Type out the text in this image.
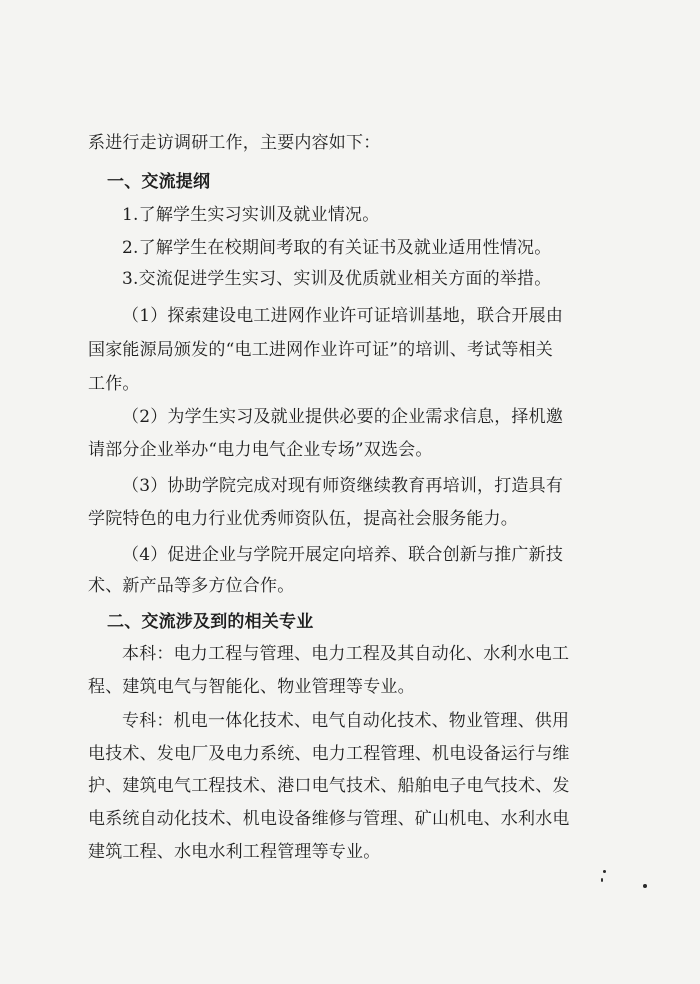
系进行走访调研工作，主要内容如下：
一、交流提纲
1.了解学生实习实训及就业情况。
2.了解学生在校期间考取的有关证书及就业适用性情况。
3.交流促进学生实习、实训及优质就业相关方面的举措。
（1）探索建设电工进网作业许可证培训基地，联合开展由
国家能源局颁发的“电工进网作业许可证”的培训、考试等相关
工作。
（2）为学生实习及就业提供必要的企业需求信息，择机邀
请部分企业举办“电力电气企业专场”双选会。
（3）协助学院完成对现有师资继续教育再培训，打造具有
学院特色的电力行业优秀师资队伍，提高社会服务能力。
（4）促进企业与学院开展定向培养、联合创新与推广新技
术、新产品等多方位合作。
二、交流涉及到的相关专业
本科：电力工程与管理、电力工程及其自动化、水利水电工
程、建筑电气与智能化、物业管理等专业。
专科：机电一体化技术、电气自动化技术、物业管理、供用
电技术、发电厂及电力系统、电力工程管理、机电设备运行与维
护、建筑电气工程技术、港口电气技术、船舶电子电气技术、发
电系统自动化技术、机电设备维修与管理、矿山机电、水利水电
建筑工程、水电水利工程管理等专业。
